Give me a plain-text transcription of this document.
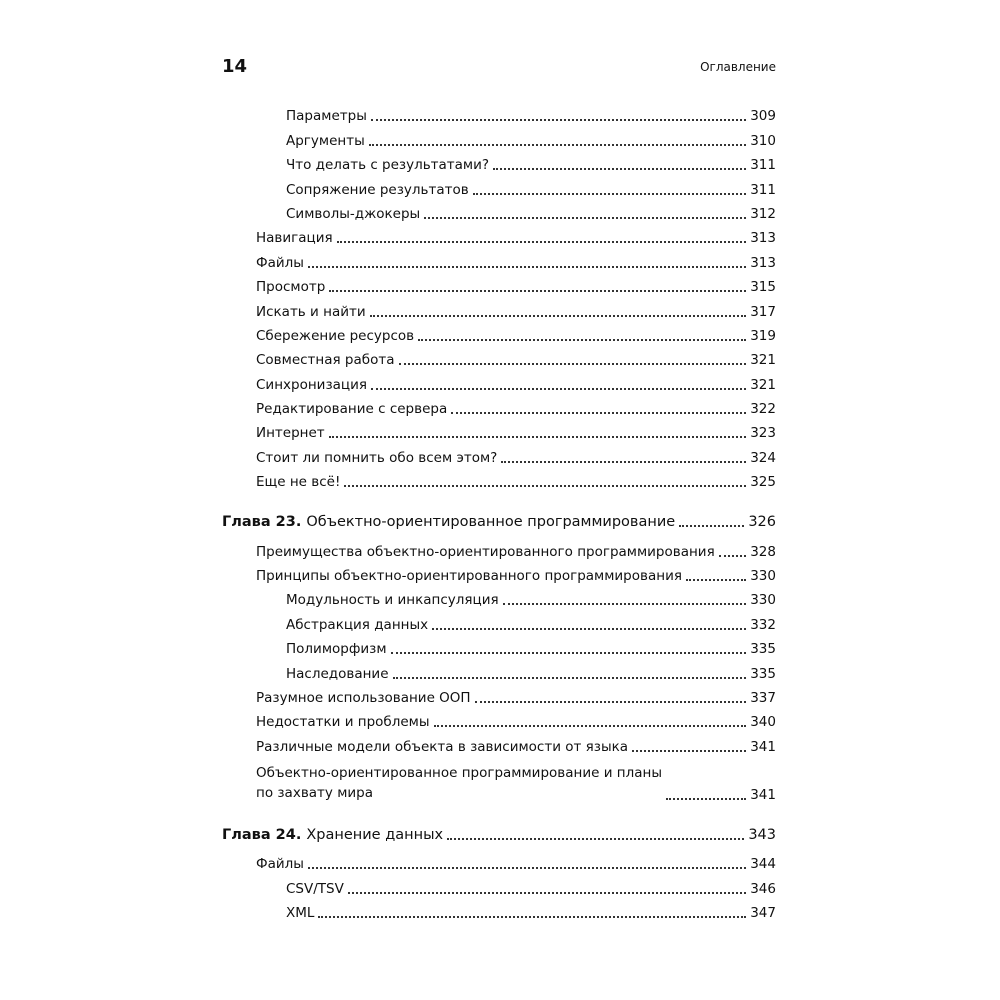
14	Оглавление
Параметры	309
Аргументы	310
Что делать с результатами?	311
Сопряжение результатов	311
Символы-джокеры	312
Навигация	313
Файлы	313
Просмотр	315
Искать и найти	317
Сбережение ресурсов	319
Совместная работа	321
Синхронизация	321
Редактирование с сервера	322
Интернет	323
Стоит ли помнить обо всем этом?	324
Еще не всё!	325
Глава 23. Объектно-ориентированное программирование	326
Преимущества объектно-ориентированного программирования	328
Принципы объектно-ориентированного программирования	330
Модульность и инкапсуляция	330
Абстракция данных	332
Полиморфизм	335
Наследование	335
Разумное использование ООП	337
Недостатки и проблемы	340
Различные модели объекта в зависимости от языка	341
Объектно-ориентированное программирование и планы
по захвату мира	341
Глава 24. Хранение данных	343
Файлы	344
CSV/TSV	346
XML	347
